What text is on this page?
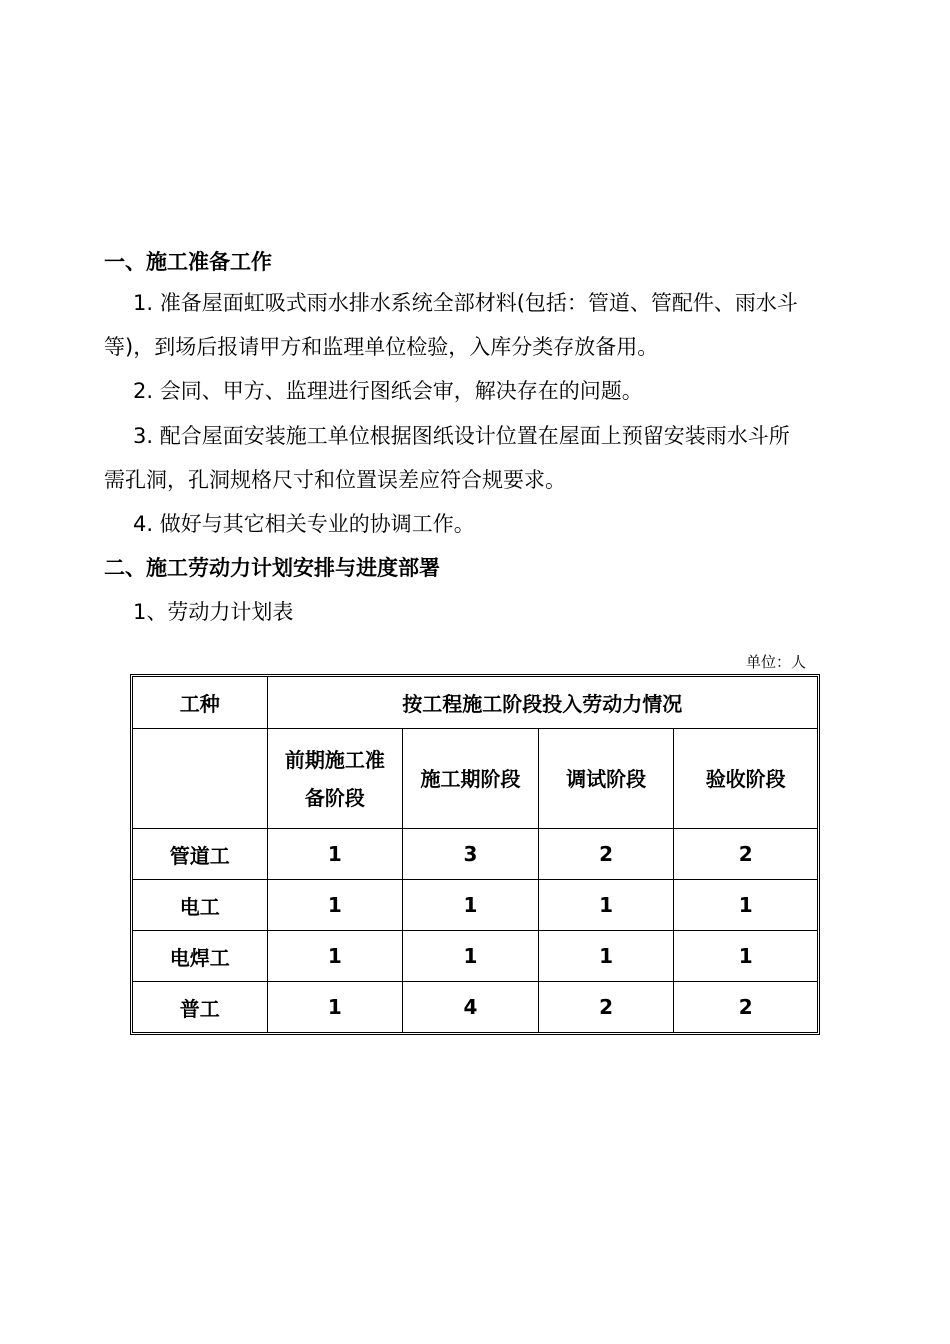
一、施工准备工作
1. 准备屋面虹吸式雨水排水系统全部材料(包括：管道、管配件、雨水斗
等)，到场后报请甲方和监理单位检验，入库分类存放备用。
2. 会同、甲方、监理进行图纸会审，解决存在的问题。
3. 配合屋面安装施工单位根据图纸设计位置在屋面上预留安装雨水斗所
需孔洞，孔洞规格尺寸和位置误差应符合规要求。
4. 做好与其它相关专业的协调工作。
二、施工劳动力计划安排与进度部署
1、劳动力计划表
单位：人
工种	按工程施工阶段投入劳动力情况			
	前期施工准
备阶段	施工期阶段	调试阶段	验收阶段
管道工	1	3	2	2
电工	1	1	1	1
电焊工	1	1	1	1
普工	1	4	2	2
